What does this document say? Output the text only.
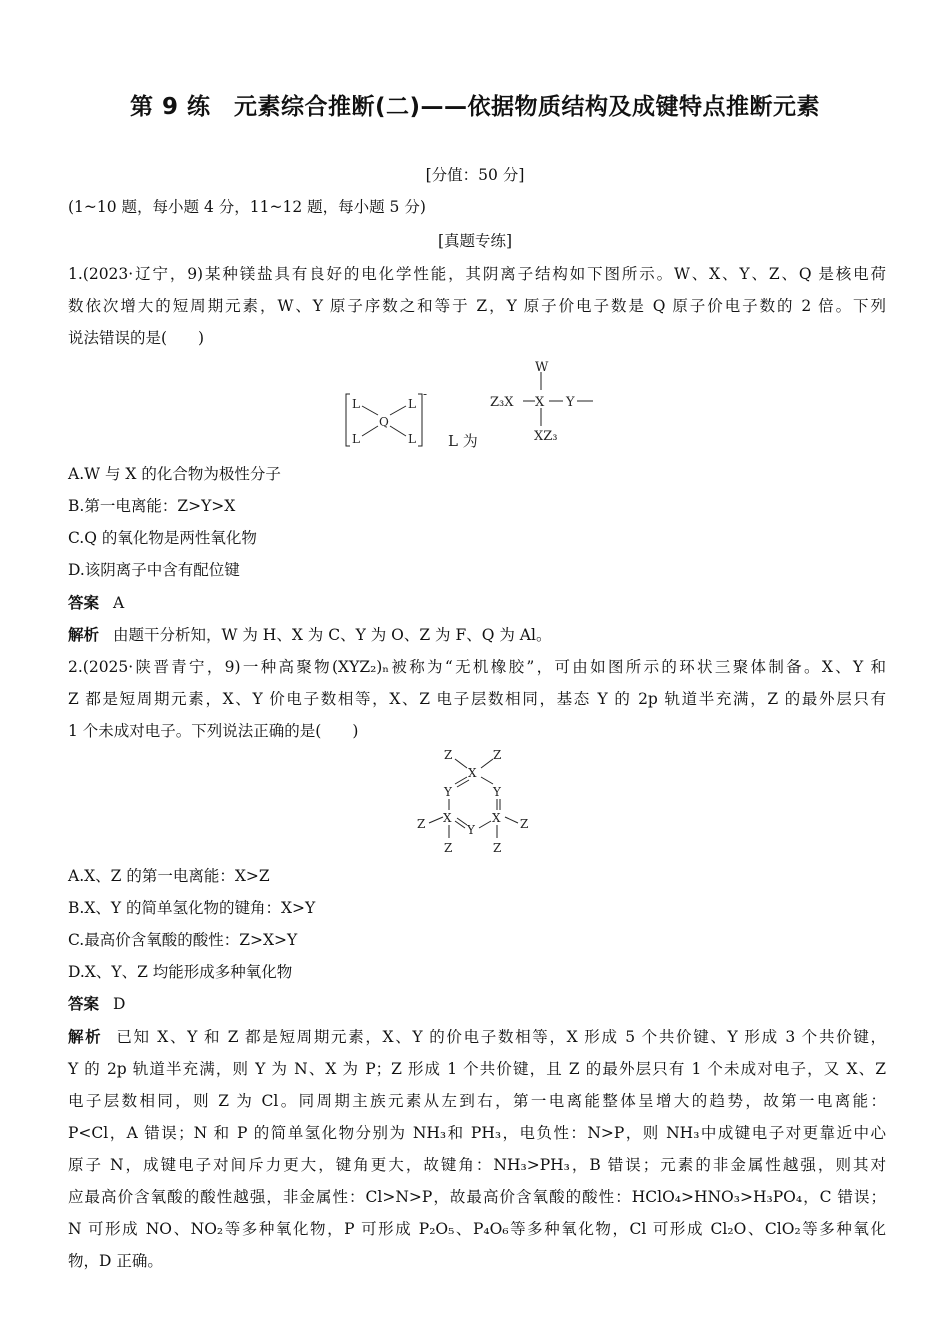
第 9 练　元素综合推断(二)——依据物质结构及成键特点推断元素
[分值：50 分]
(1~10 题，每小题 4 分，11~12 题，每小题 5 分)
[真题专练]
1.(2023·辽宁，9)某种镁盐具有良好的电化学性能，其阴离子结构如下图所示。W、X、Y、Z、Q 是核电荷
数依次增大的短周期元素，W、Y 原子序数之和等于 Z，Y 原子价电子数是 Q 原子价电子数的 2 倍。下列
说法错误的是(　　)
L	L
L	L
Q
-
L 为
W
Z₃X X Y
XZ₃
A.W 与 X 的化合物为极性分子
B.第一电离能：Z>Y>X
C.Q 的氧化物是两性氧化物
D.该阴离子中含有配位键
答案 A
解析 由题干分析知，W 为 H、X 为 C、Y 为 O、Z 为 F、Q 为 Al。
2.(2025·陕晋青宁，9)一种高聚物(XYZ₂)ₙ被称为“无机橡胶”，可由如图所示的环状三聚体制备。X、Y 和
Z 都是短周期元素，X、Y 价电子数相等，X、Z 电子层数相同，基态 Y 的 2p 轨道半充满，Z 的最外层只有
1 个未成对电子。下列说法正确的是(　　)
Z	Z
X
Y	Y
Z X
Y
X Z
Z	Z
A.X、Z 的第一电离能：X>Z
B.X、Y 的简单氢化物的键角：X>Y
C.最高价含氧酸的酸性：Z>X>Y
D.X、Y、Z 均能形成多种氧化物
答案 D
解析 已知 X、Y 和 Z 都是短周期元素，X、Y 的价电子数相等，X 形成 5 个共价键、Y 形成 3 个共价键，
Y 的 2p 轨道半充满，则 Y 为 N、X 为 P；Z 形成 1 个共价键，且 Z 的最外层只有 1 个未成对电子，又 X、Z
电子层数相同，则 Z 为 Cl。同周期主族元素从左到右，第一电离能整体呈增大的趋势，故第一电离能：
P<Cl，A 错误；N 和 P 的简单氢化物分别为 NH₃和 PH₃，电负性：N>P，则 NH₃中成键电子对更靠近中心
原子 N，成键电子对间斥力更大，键角更大，故键角：NH₃>PH₃，B 错误；元素的非金属性越强，则其对
应最高价含氧酸的酸性越强，非金属性：Cl>N>P，故最高价含氧酸的酸性：HClO₄>HNO₃>H₃PO₄，C 错误；
N 可形成 NO、NO₂等多种氧化物，P 可形成 P₂O₅、P₄O₆等多种氧化物，Cl 可形成 Cl₂O、ClO₂等多种氧化
物，D 正确。
